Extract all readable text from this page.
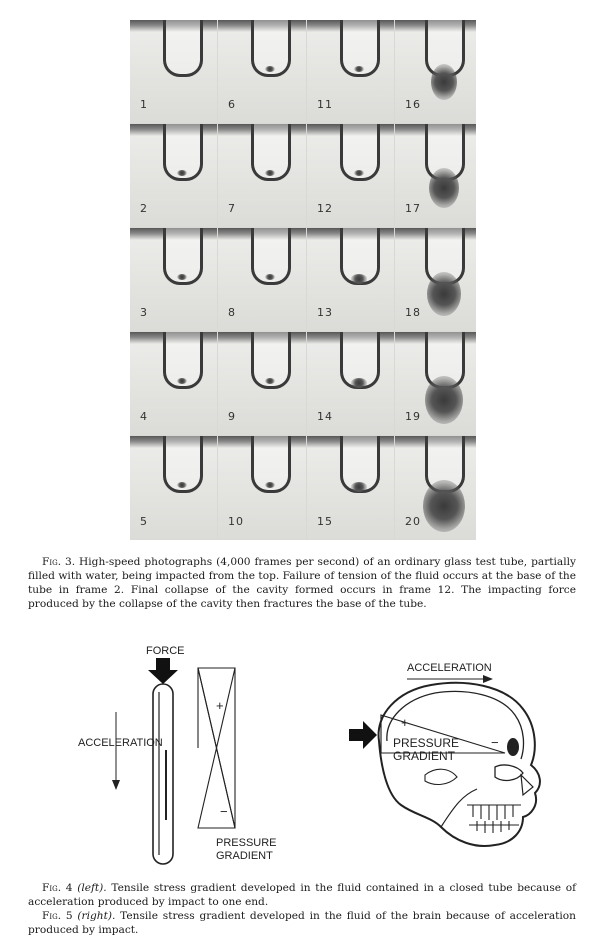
1	6	11	16
2	7	12	17
3	8	13	18
4	9	14	19
5	10	15	20
Fig. 3. High-speed photographs (4,000 frames per second) of an ordinary glass test tube, partially filled with water, being impacted from the top. Failure of tension of the fluid occurs at the base of the tube in frame 2. Final collapse of the cavity formed occurs in frame 12. The impacting force produced by the collapse of the cavity then fractures the base of the tube.
FORCE
ACCELERATION
+
−
PRESSURE
GRADIENT
ACCELERATION
+
−
PRESSURE
GRADIENT

Fig. 4 (left). Tensile stress gradient developed in the fluid contained in a closed tube because of acceleration produced by impact to one end.

Fig. 5 (right). Tensile stress gradient developed in the fluid of the brain because of acceleration produced by impact.
